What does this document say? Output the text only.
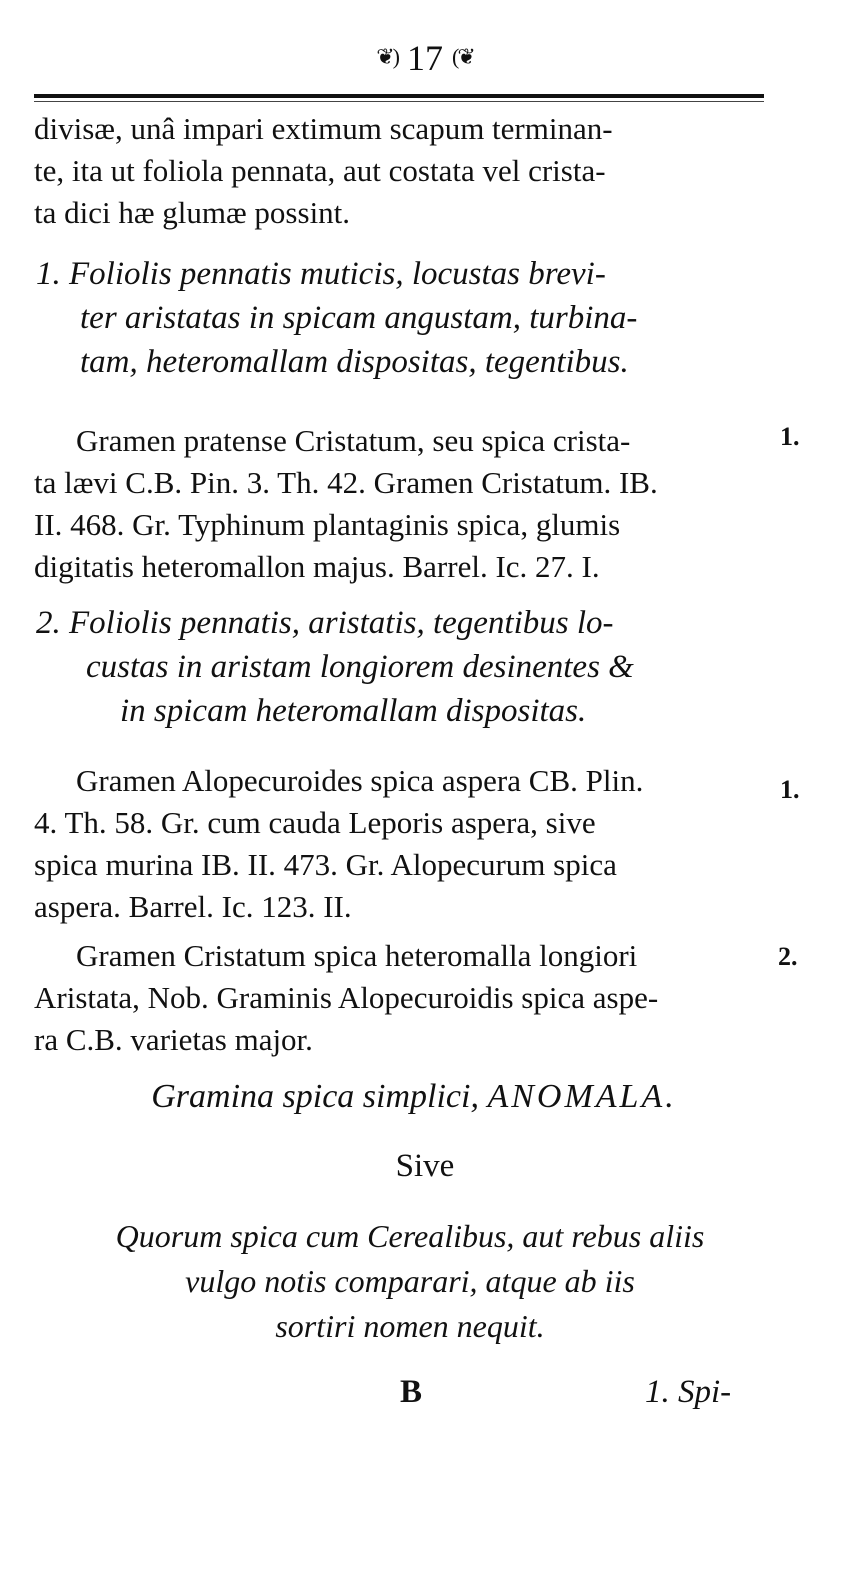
❦) 17 (❦
divisæ, unâ impari extimum scapum terminan-
te, ita ut foliola pennata, aut costata vel crista-
ta dici hæ glumæ possint.
1. Foliolis pennatis muticis, locustas brevi-
ter aristatas in spicam angustam, turbina-
tam, heteromallam dispositas, tegentibus.
Gramen pratense Cristatum, seu spica crista-
ta lævi C.B. Pin. 3. Th. 42. Gramen Cristatum. IB.
II. 468. Gr. Typhinum plantaginis spica, glumis
digitatis heteromallon majus. Barrel. Ic. 27. I.
1.
2. Foliolis pennatis, aristatis, tegentibus lo-
custas in aristam longiorem desinentes &
in spicam heteromallam dispositas.
Gramen Alopecuroides spica aspera CB. Plin.
4. Th. 58. Gr. cum cauda Leporis aspera, sive
spica murina IB. II. 473. Gr. Alopecurum spica
aspera. Barrel. Ic. 123. II.
1.
Gramen Cristatum spica heteromalla longiori
Aristata, Nob. Graminis Alopecuroidis spica aspe-
ra C.B. varietas major.
2.
Gramina spica simplici, ANOMALA.
Sive
Quorum spica cum Cerealibus, aut rebus aliis
vulgo notis comparari, atque ab iis
sortiri nomen nequit.
B	1. Spi-
